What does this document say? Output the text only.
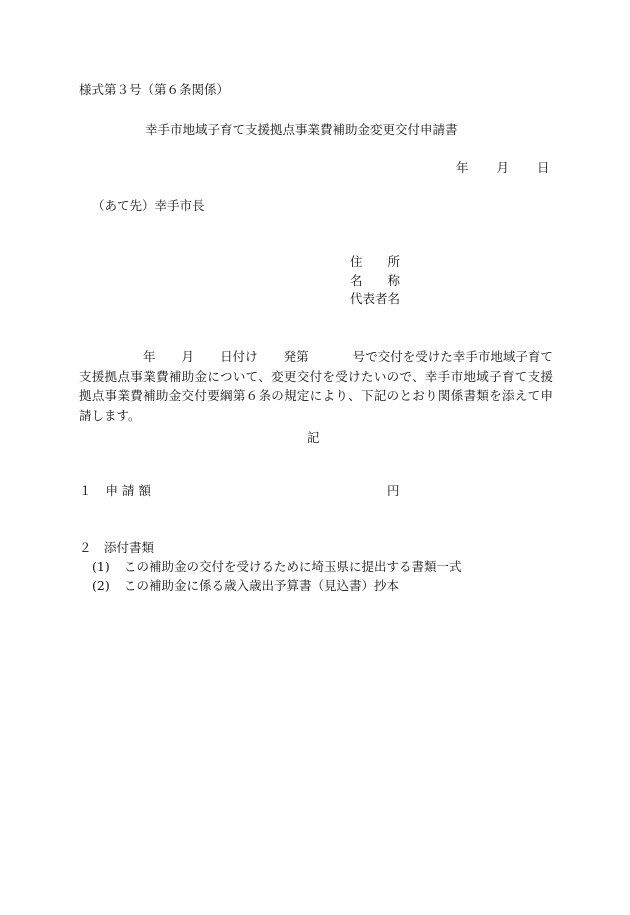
様式第３号（第６条関係）
幸手市地域子育て支援拠点事業費補助金変更交付申請書
年 月 日
（あて先）幸手市長
住　　所
名　　称
代表者名
年 月 日付け 発第	号で交付を受けた幸手市地域子育て支援拠点事業費補助金について、変更交付を受けたいので、幸手市地域子育て支援拠点事業費補助金交付要綱第６条の規定により、下記のとおり関係書類を添えて申請します。
記
１ 申 請 額	円
２　添付書類
(1) この補助金の交付を受けるために埼玉県に提出する書類一式
(2) この補助金に係る歳入歳出予算書（見込書）抄本
